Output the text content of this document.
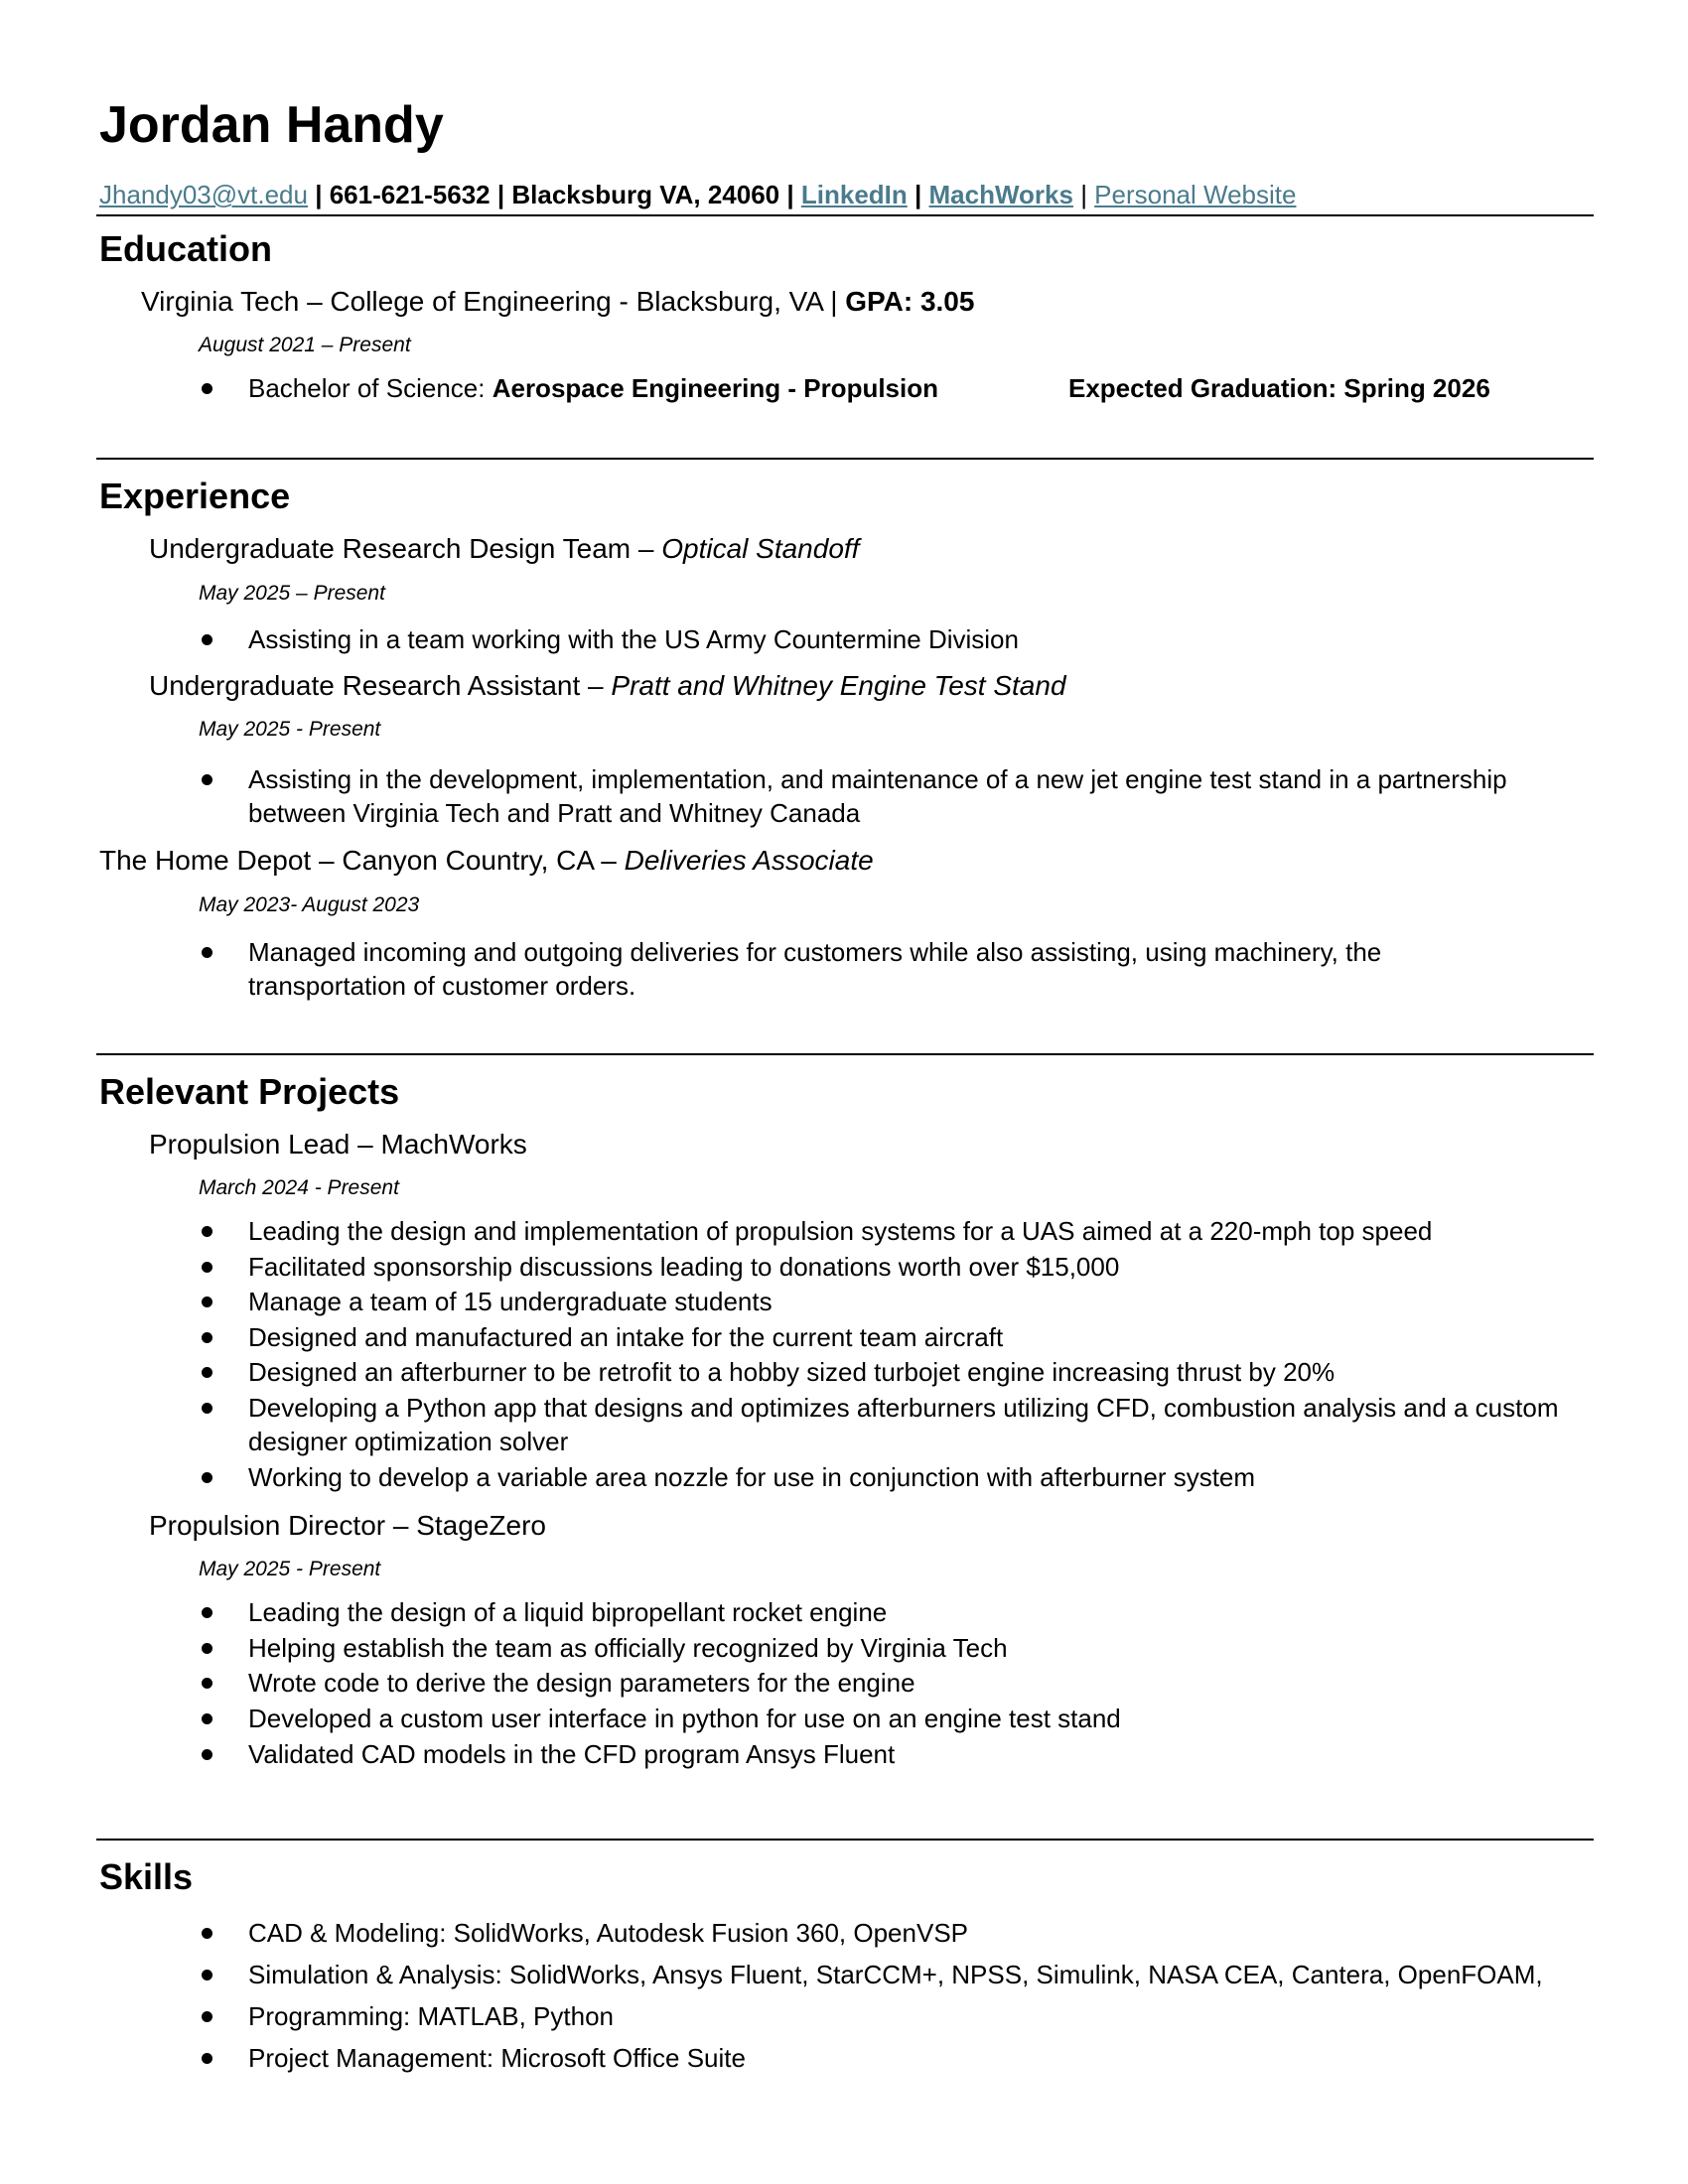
Jordan Handy
Jhandy03@vt.edu | 661-621-5632 | Blacksburg VA, 24060 | LinkedIn | MachWorks | Personal Website
Education
Virginia Tech – College of Engineering - Blacksburg, VA | GPA: 3.05
August 2021 – Present
Bachelor of Science: Aerospace Engineering - Propulsion	Expected Graduation: Spring 2026
Experience
Undergraduate Research Design Team – Optical Standoff
May 2025 – Present
Assisting in a team working with the US Army Countermine Division
Undergraduate Research Assistant – Pratt and Whitney Engine Test Stand
May 2025 - Present
Assisting in the development, implementation, and maintenance of a new jet engine test stand in a partnership between Virginia Tech and Pratt and Whitney Canada
The Home Depot – Canyon Country, CA – Deliveries Associate
May 2023- August 2023
Managed incoming and outgoing deliveries for customers while also assisting, using machinery, the transportation of customer orders.
Relevant Projects
Propulsion Lead – MachWorks
March 2024 - Present
Leading the design and implementation of propulsion systems for a UAS aimed at a 220-mph top speed
Facilitated sponsorship discussions leading to donations worth over $15,000
Manage a team of 15 undergraduate students
Designed and manufactured an intake for the current team aircraft
Designed an afterburner to be retrofit to a hobby sized turbojet engine increasing thrust by 20%
Developing a Python app that designs and optimizes afterburners utilizing CFD, combustion analysis and a custom designer optimization solver
Working to develop a variable area nozzle for use in conjunction with afterburner system
Propulsion Director – StageZero
May 2025 - Present
Leading the design of a liquid bipropellant rocket engine
Helping establish the team as officially recognized by Virginia Tech
Wrote code to derive the design parameters for the engine
Developed a custom user interface in python for use on an engine test stand
Validated CAD models in the CFD program Ansys Fluent
Skills
CAD & Modeling: SolidWorks, Autodesk Fusion 360, OpenVSP
Simulation & Analysis: SolidWorks, Ansys Fluent, StarCCM+, NPSS, Simulink, NASA CEA, Cantera, OpenFOAM,
Programming: MATLAB, Python
Project Management: Microsoft Office Suite
